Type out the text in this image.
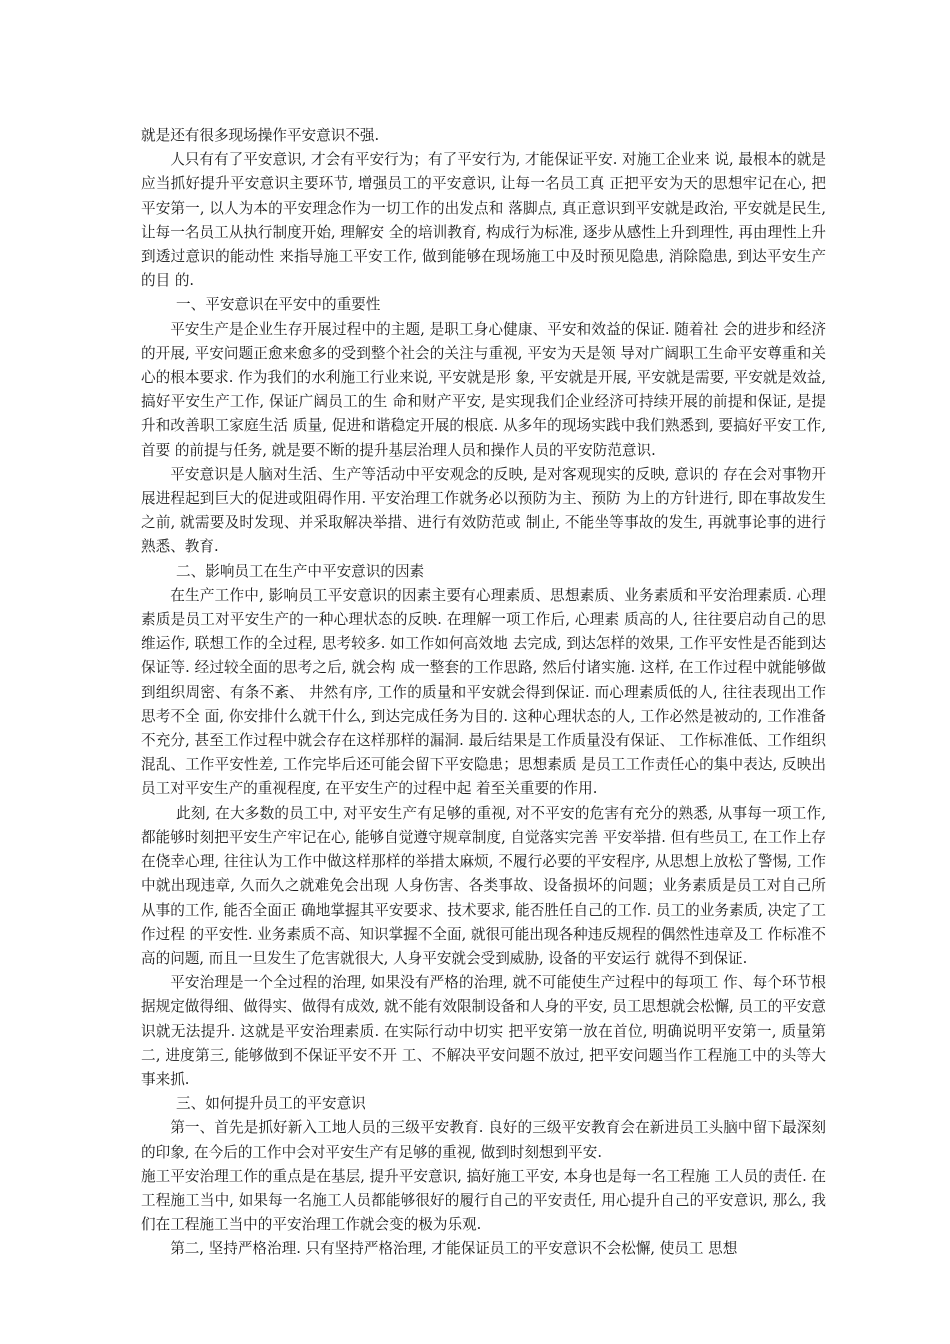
就是还有很多现场操作平安意识不强.

人只有有了平安意识, 才会有平安行为；有了平安行为, 才能保证平安. 对施工企业来 说, 最根本的就是应当抓好提升平安意识主要环节, 增强员工的平安意识, 让每一名员工真 正把平安为天的思想牢记在心, 把平安第一, 以人为本的平安理念作为一切工作的出发点和 落脚点, 真正意识到平安就是政治, 平安就是民生, 让每一名员工从执行制度开始, 理解安 全的培训教育, 构成行为标准, 逐步从感性上升到理性, 再由理性上升到透过意识的能动性 来指导施工平安工作, 做到能够在现场施工中及时预见隐患, 消除隐患, 到达平安生产的目 的.

一、平安意识在平安中的重要性

平安生产是企业生存开展过程中的主题, 是职工身心健康、平安和效益的保证. 随着社 会的进步和经济的开展, 平安问题正愈来愈多的受到整个社会的关注与重视, 平安为天是领 导对广阔职工生命平安尊重和关心的根本要求. 作为我们的水利施工行业来说, 平安就是形 象, 平安就是开展, 平安就是需要, 平安就是效益, 搞好平安生产工作, 保证广阔员工的生 命和财产平安, 是实现我们企业经济可持续开展的前提和保证, 是提升和改善职工家庭生活 质量, 促进和谐稳定开展的根底. 从多年的现场实践中我们熟悉到, 要搞好平安工作, 首要 的前提与任务, 就是要不断的提升基层治理人员和操作人员的平安防范意识.

平安意识是人脑对生活、生产等活动中平安观念的反映, 是对客观现实的反映, 意识的 存在会对事物开展进程起到巨大的促进或阻碍作用. 平安治理工作就务必以预防为主、预防 为上的方针进行, 即在事故发生之前, 就需要及时发现、并采取解决举措、进行有效防范或 制止, 不能坐等事故的发生, 再就事论事的进行熟悉、教育.

二、影响员工在生产中平安意识的因素

在生产工作中, 影响员工平安意识的因素主要有心理素质、思想素质、业务素质和平安治理素质. 心理素质是员工对平安生产的一种心理状态的反映. 在理解一项工作后, 心理素 质高的人, 往往要启动自己的思维运作, 联想工作的全过程, 思考较多. 如工作如何高效地 去完成, 到达怎样的效果, 工作平安性是否能到达保证等. 经过较全面的思考之后, 就会构 成一整套的工作思路, 然后付诸实施. 这样, 在工作过程中就能够做到组织周密、有条不紊、 井然有序, 工作的质量和平安就会得到保证. 而心理素质低的人, 往往表现出工作思考不全 面, 你安排什么就干什么, 到达完成任务为目的. 这种心理状态的人, 工作必然是被动的, 工作准备不充分, 甚至工作过程中就会存在这样那样的漏洞. 最后结果是工作质量没有保证、 工作标准低、工作组织混乱、工作平安性差, 工作完毕后还可能会留下平安隐患；思想素质 是员工工作责任心的集中表达, 反映出员工对平安生产的重视程度, 在平安生产的过程中起 着至关重要的作用.

此刻, 在大多数的员工中, 对平安生产有足够的重视, 对不平安的危害有充分的熟悉, 从事每一项工作, 都能够时刻把平安生产牢记在心, 能够自觉遵守规章制度, 自觉落实完善 平安举措. 但有些员工, 在工作上存在侥幸心理, 往往认为工作中做这样那样的举措太麻烦, 不履行必要的平安程序, 从思想上放松了警惕, 工作中就出现违章, 久而久之就难免会出现 人身伤害、各类事故、设备损坏的问题；业务素质是员工对自己所从事的工作, 能否全面正 确地掌握其平安要求、技术要求, 能否胜任自己的工作. 员工的业务素质, 决定了工作过程 的平安性. 业务素质不高、知识掌握不全面, 就很可能出现各种违反规程的偶然性违章及工 作标准不高的问题, 而且一旦发生了危害就很大, 人身平安就会受到威胁, 设备的平安运行 就得不到保证.

平安治理是一个全过程的治理, 如果没有严格的治理, 就不可能使生产过程中的每项工 作、每个环节根据规定做得细、做得实、做得有成效, 就不能有效限制设备和人身的平安, 员工思想就会松懈, 员工的平安意识就无法提升. 这就是平安治理素质. 在实际行动中切实 把平安第一放在首位, 明确说明平安第一, 质量第二, 进度第三, 能够做到不保证平安不开 工、不解决平安问题不放过, 把平安问题当作工程施工中的头等大事来抓.

三、如何提升员工的平安意识

第一、首先是抓好新入工地人员的三级平安教育. 良好的三级平安教育会在新进员工头脑中留下最深刻的印象, 在今后的工作中会对平安生产有足够的重视, 做到时刻想到平安.

施工平安治理工作的重点是在基层, 提升平安意识, 搞好施工平安, 本身也是每一名工程施 工人员的责任. 在工程施工当中, 如果每一名施工人员都能够很好的履行自己的平安责任, 用心提升自己的平安意识, 那么, 我们在工程施工当中的平安治理工作就会变的极为乐观.

第二, 坚持严格治理. 只有坚持严格治理, 才能保证员工的平安意识不会松懈, 使员工 思想
